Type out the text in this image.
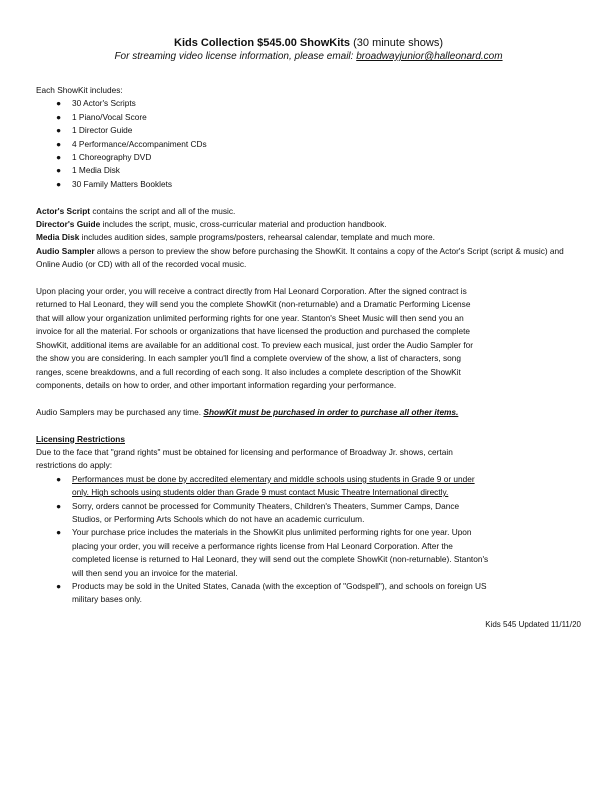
Kids Collection $545.00 ShowKits (30 minute shows)
For streaming video license information, please email: broadwayjunior@halleonard.com

Each ShowKit includes:

● 30 Actor's Scripts
● 1 Piano/Vocal Score
● 1 Director Guide
● 4 Performance/Accompaniment CDs
● 1 Choreography DVD
● 1 Media Disk
● 30 Family Matters Booklets

Actor's Script contains the script and all of the music.

Director's Guide includes the script, music, cross-curricular material and production handbook.

Media Disk includes audition sides, sample programs/posters, rehearsal calendar, template and much more.

Audio Sampler allows a person to preview the show before purchasing the ShowKit. It contains a copy of the Actor's Script (script & music) and Online Audio (or CD) with all of the recorded vocal music.

Upon placing your order, you will receive a contract directly from Hal Leonard Corporation. After the signed contract is

returned to Hal Leonard, they will send you the complete ShowKit (non-returnable) and a Dramatic Performing License

that will allow your organization unlimited performing rights for one year. Stanton's Sheet Music will then send you an

invoice for all the material. For schools or organizations that have licensed the production and purchased the complete

ShowKit, additional items are available for an additional cost. To preview each musical, just order the Audio Sampler for

the show you are considering. In each sampler you'll find a complete overview of the show, a list of characters, song

ranges, scene breakdowns, and a full recording of each song. It also includes a complete description of the ShowKit

components, details on how to order, and other important information regarding your performance.

Audio Samplers may be purchased any time. ShowKit must be purchased in order to purchase all other items.

Licensing Restrictions

Due to the face that "grand rights" must be obtained for licensing and performance of Broadway Jr. shows, certain

restrictions do apply:

● Performances must be done by accredited elementary and middle schools using students in Grade 9 or under
only. High schools using students older than Grade 9 must contact Music Theatre International directly.
● Sorry, orders cannot be processed for Community Theaters, Children's Theaters, Summer Camps, Dance
Studios, or Performing Arts Schools which do not have an academic curriculum.
● Your purchase price includes the materials in the ShowKit plus unlimited performing rights for one year. Upon
placing your order, you will receive a performance rights license from Hal Leonard Corporation. After the
completed license is returned to Hal Leonard, they will send out the complete ShowKit (non-returnable). Stanton's
will then send you an invoice for the material.
● Products may be sold in the United States, Canada (with the exception of "Godspell"), and schools on foreign US
military bases only.

Kids 545 Updated 11/11/20
